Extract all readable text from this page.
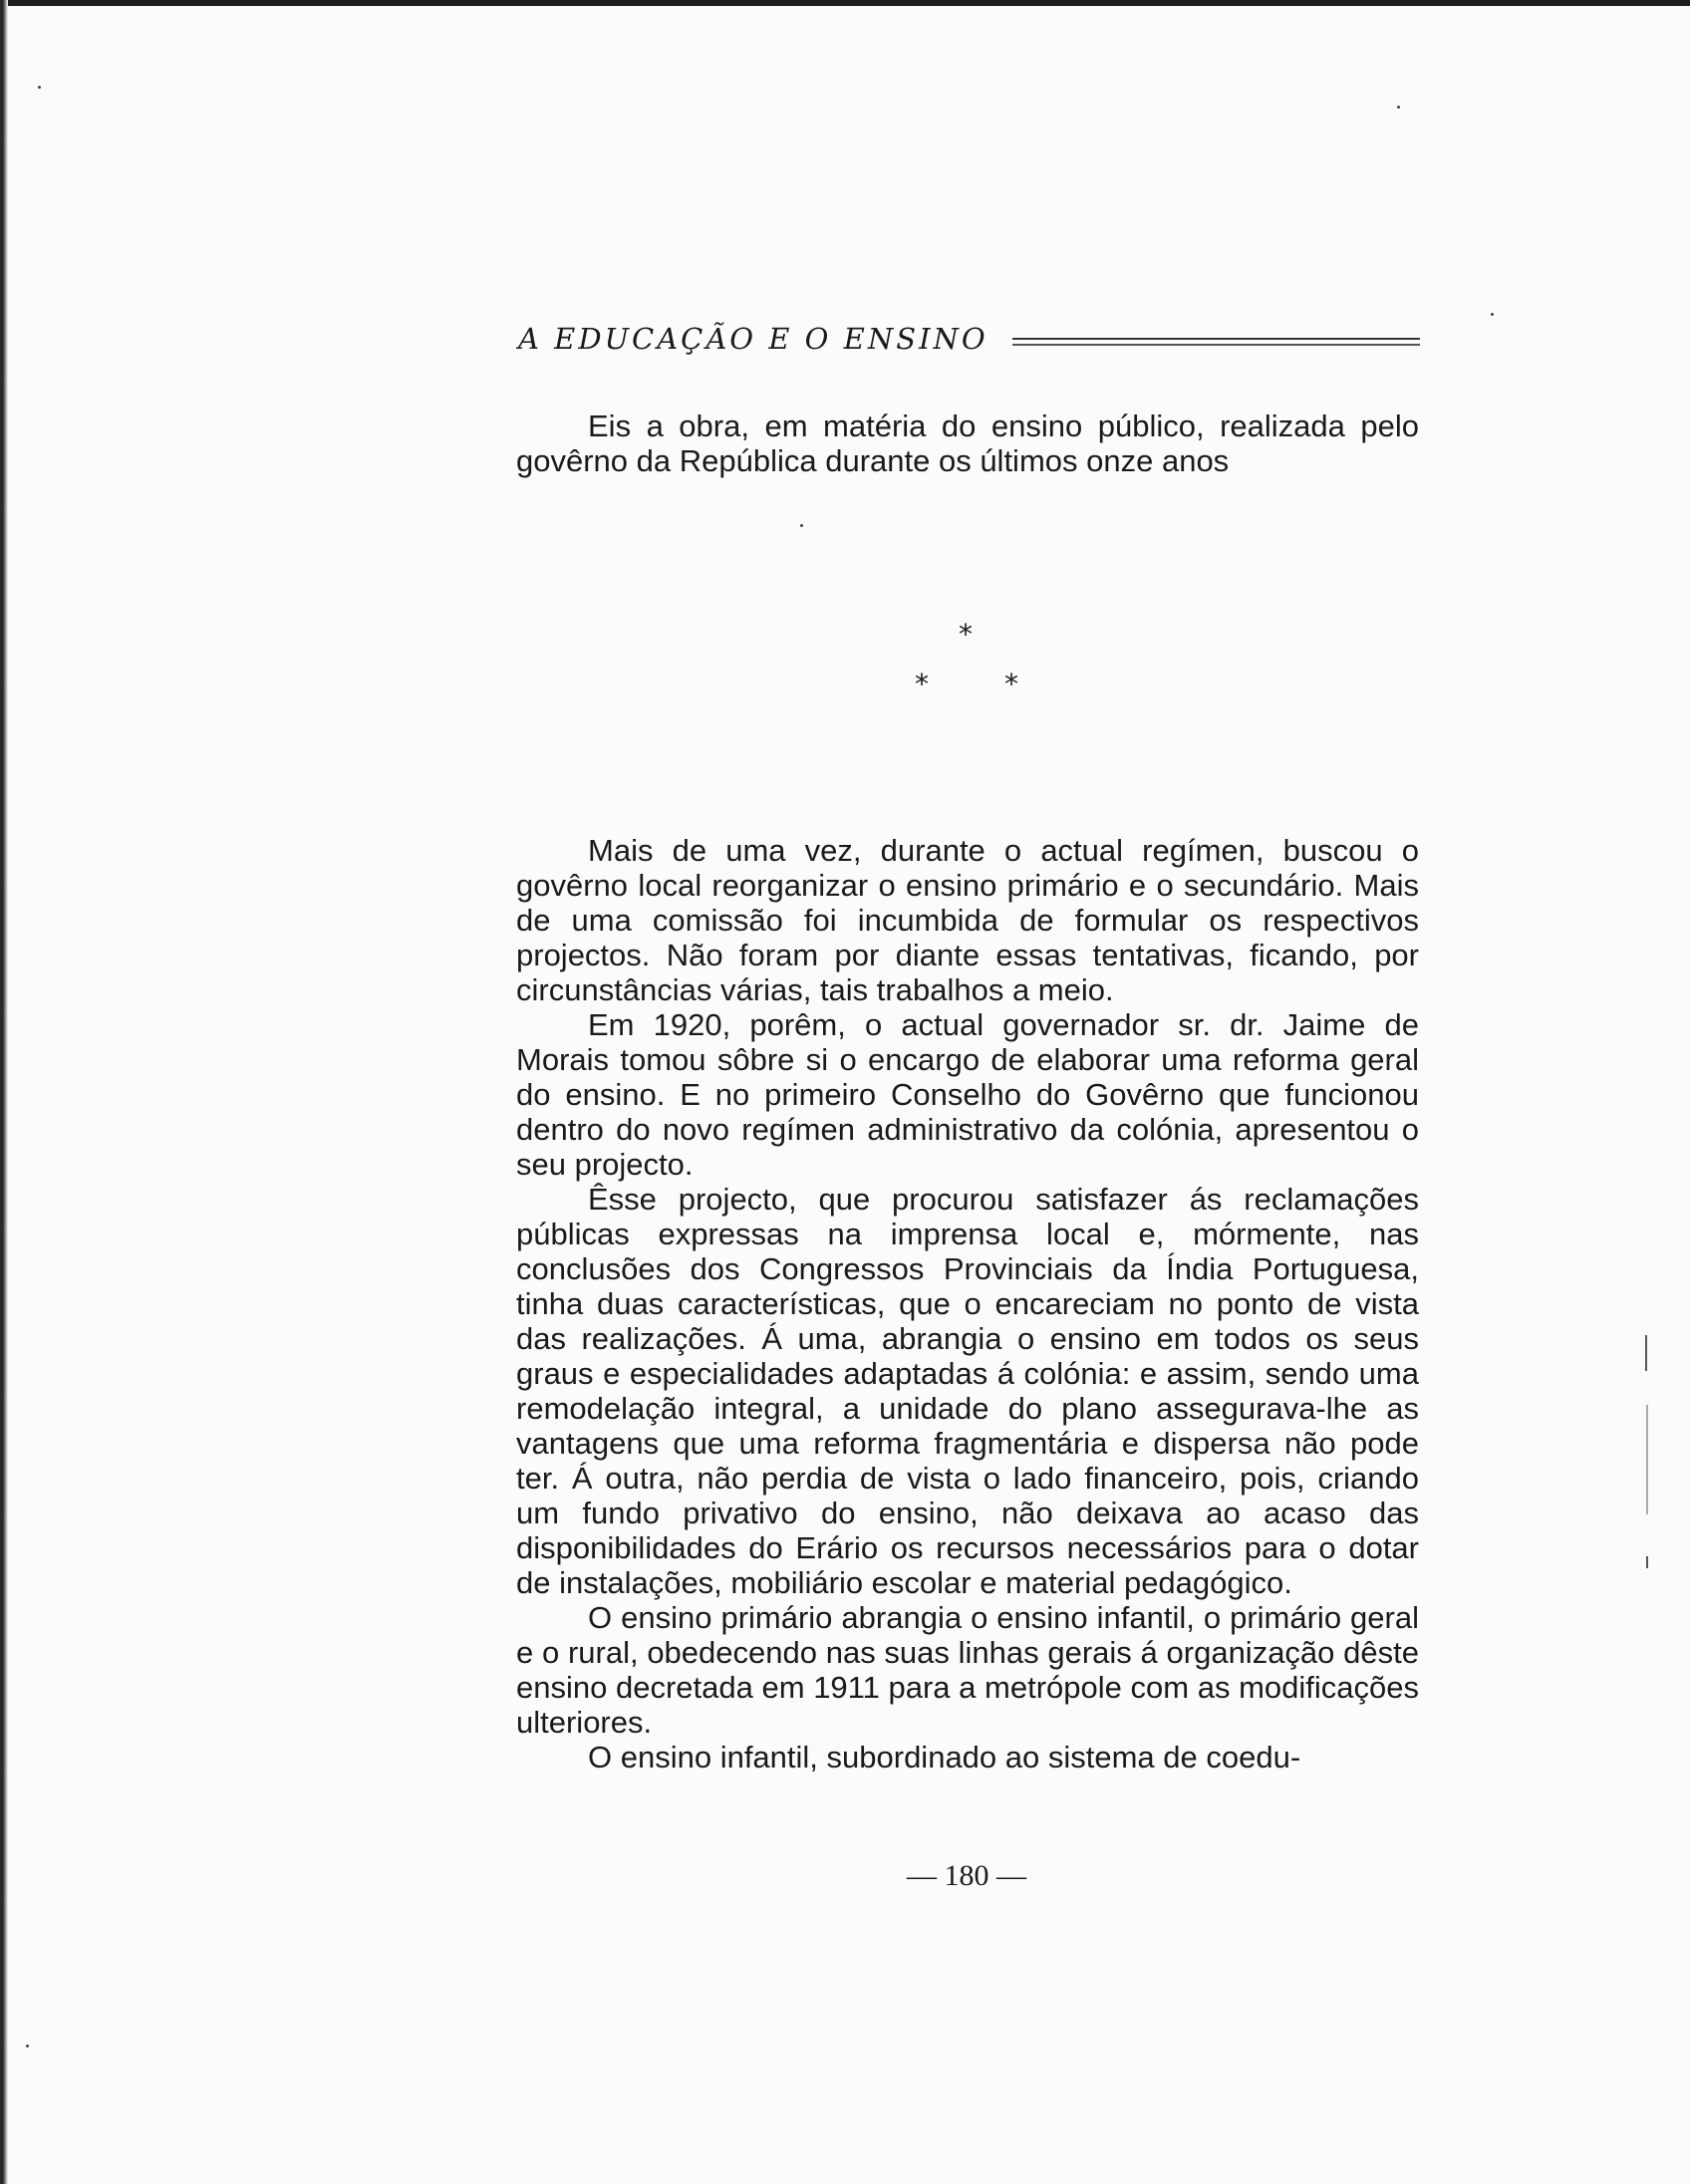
A EDUCAÇÃO E O ENSINO

Eis a obra, em matéria do ensino público, realizada pelo govêrno da República durante os últimos onze anos

*
*	*

Mais de uma vez, durante o actual regímen, buscou o govêrno local reorganizar o ensino primário e o secundário. Mais de uma comissão foi incumbida de formular os respectivos projectos. Não foram por diante essas tentativas, ficando, por circunstâncias várias, tais trabalhos a meio.

Em 1920, porêm, o actual governador sr. dr. Jaime de Morais tomou sôbre si o encargo de elaborar uma reforma geral do ensino. E no primeiro Conselho do Govêrno que funcionou dentro do novo regímen administrativo da colónia, apresentou o seu projecto.

Êsse projecto, que procurou satisfazer ás reclamações públicas expressas na imprensa local e, mórmente, nas conclusões dos Congressos Provinciais da Índia Portuguesa, tinha duas características, que o encareciam no ponto de vista das realizações. Á uma, abrangia o ensino em todos os seus graus e especialidades adaptadas á colónia: e assim, sendo uma remodelação integral, a unidade do plano assegurava-lhe as vantagens que uma reforma fragmentária e dispersa não pode ter. Á outra, não perdia de vista o lado financeiro, pois, criando um fundo privativo do ensino, não deixava ao acaso das disponibilidades do Erário os recursos necessários para o dotar de instalações, mobiliário escolar e material pedagógico.

O ensino primário abrangia o ensino infantil, o primário geral e o rural, obedecendo nas suas linhas gerais á organização dêste ensino decretada em 1911 para a metrópole com as modificações ulteriores.

O ensino infantil, subordinado ao sistema de coedu-

— 180 —
